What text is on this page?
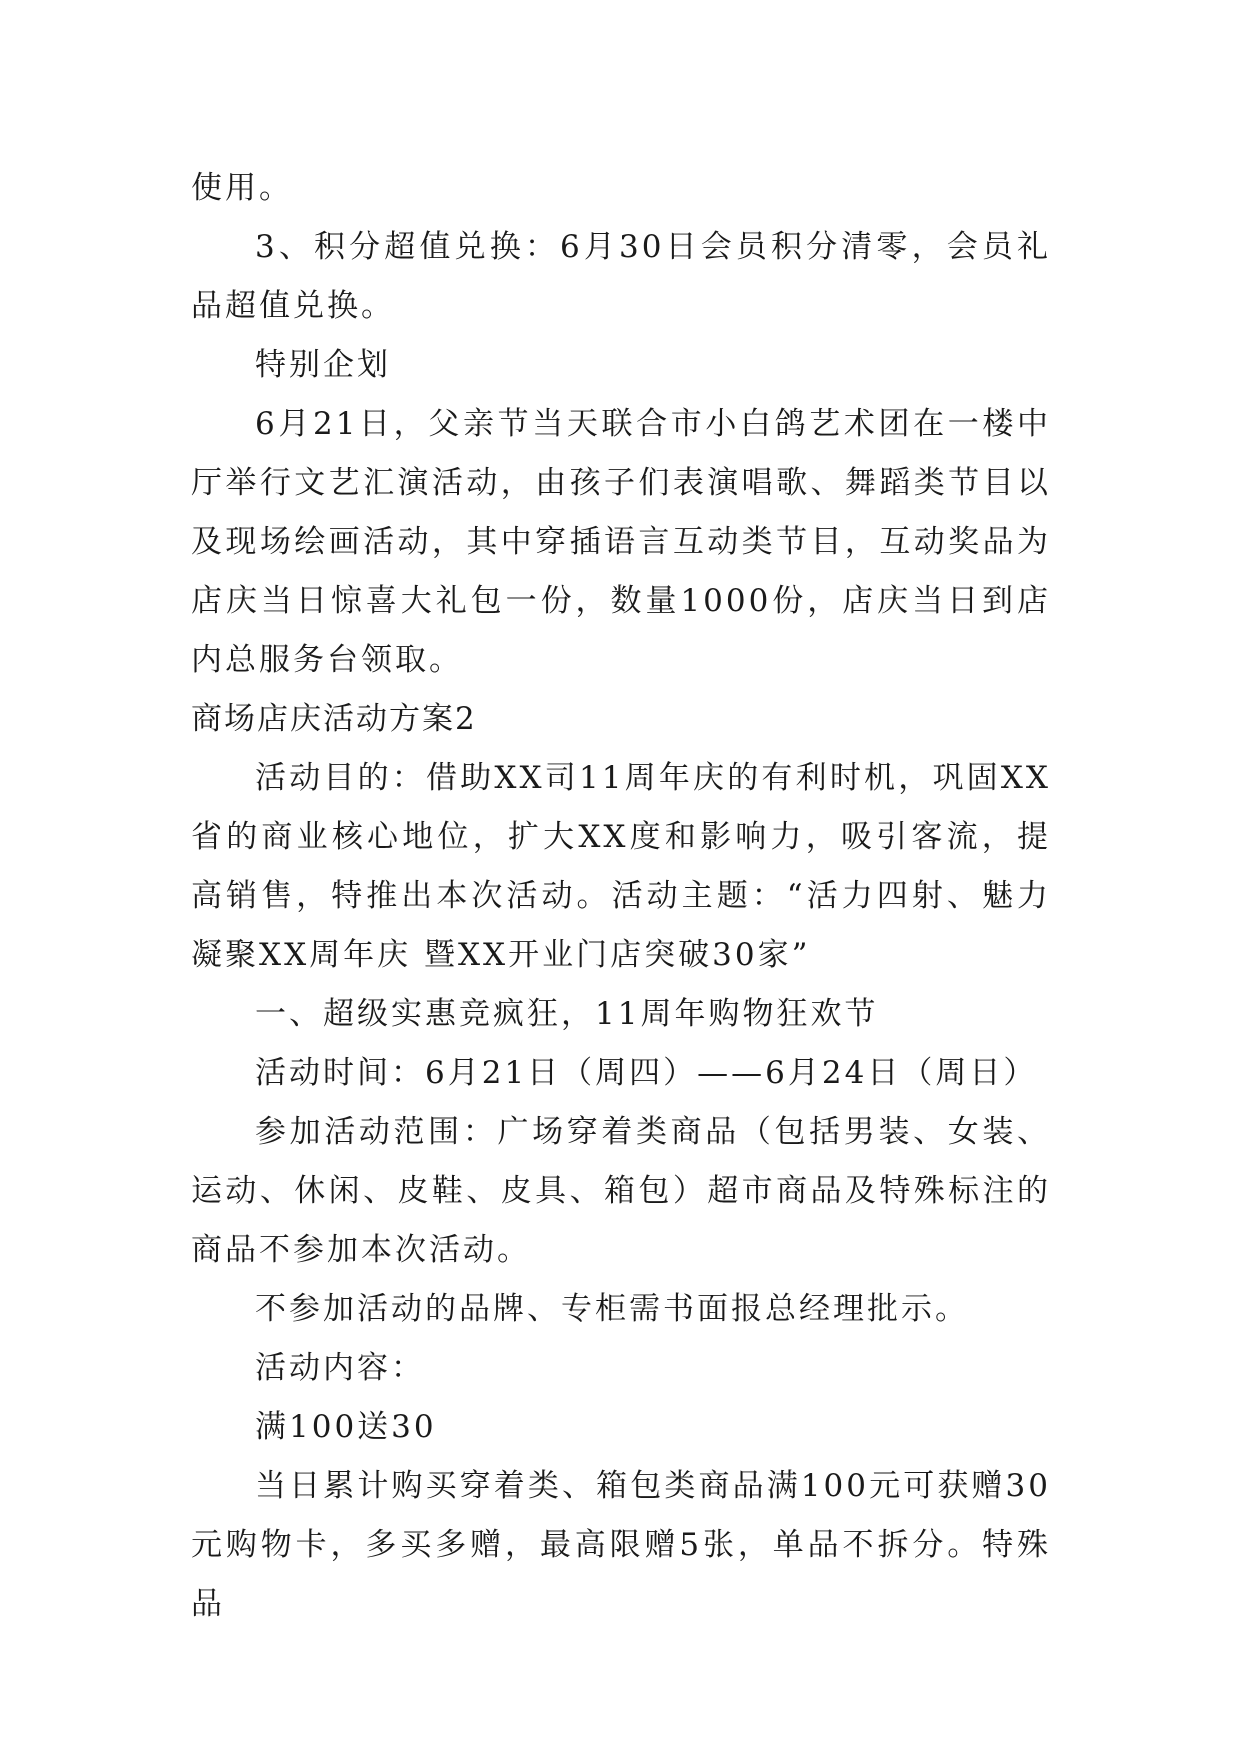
使用。

3、积分超值兑换：6月30日会员积分清零，会员礼品超值兑换。

特别企划

6月21日，父亲节当天联合市小白鸽艺术团在一楼中厅举行文艺汇演活动，由孩子们表演唱歌、舞蹈类节目以及现场绘画活动，其中穿插语言互动类节目，互动奖品为店庆当日惊喜大礼包一份，数量1000份，店庆当日到店内总服务台领取。

商场店庆活动方案2

活动目的：借助XX司11周年庆的有利时机，巩固XX省的商业核心地位，扩大XX度和影响力，吸引客流，提高销售，特推出本次活动。活动主题：“活力四射、魅力凝聚XX周年庆 暨XX开业门店突破30家”

一、超级实惠竞疯狂，11周年购物狂欢节

活动时间：6月21日（周四）——6月24日（周日）

参加活动范围：广场穿着类商品（包括男装、女装、运动、休闲、皮鞋、皮具、箱包）超市商品及特殊标注的商品不参加本次活动。

不参加活动的品牌、专柜需书面报总经理批示。

活动内容：

满100送30

当日累计购买穿着类、箱包类商品满100元可获赠30元购物卡，多买多赠，最高限赠5张，单品不拆分。特殊品
